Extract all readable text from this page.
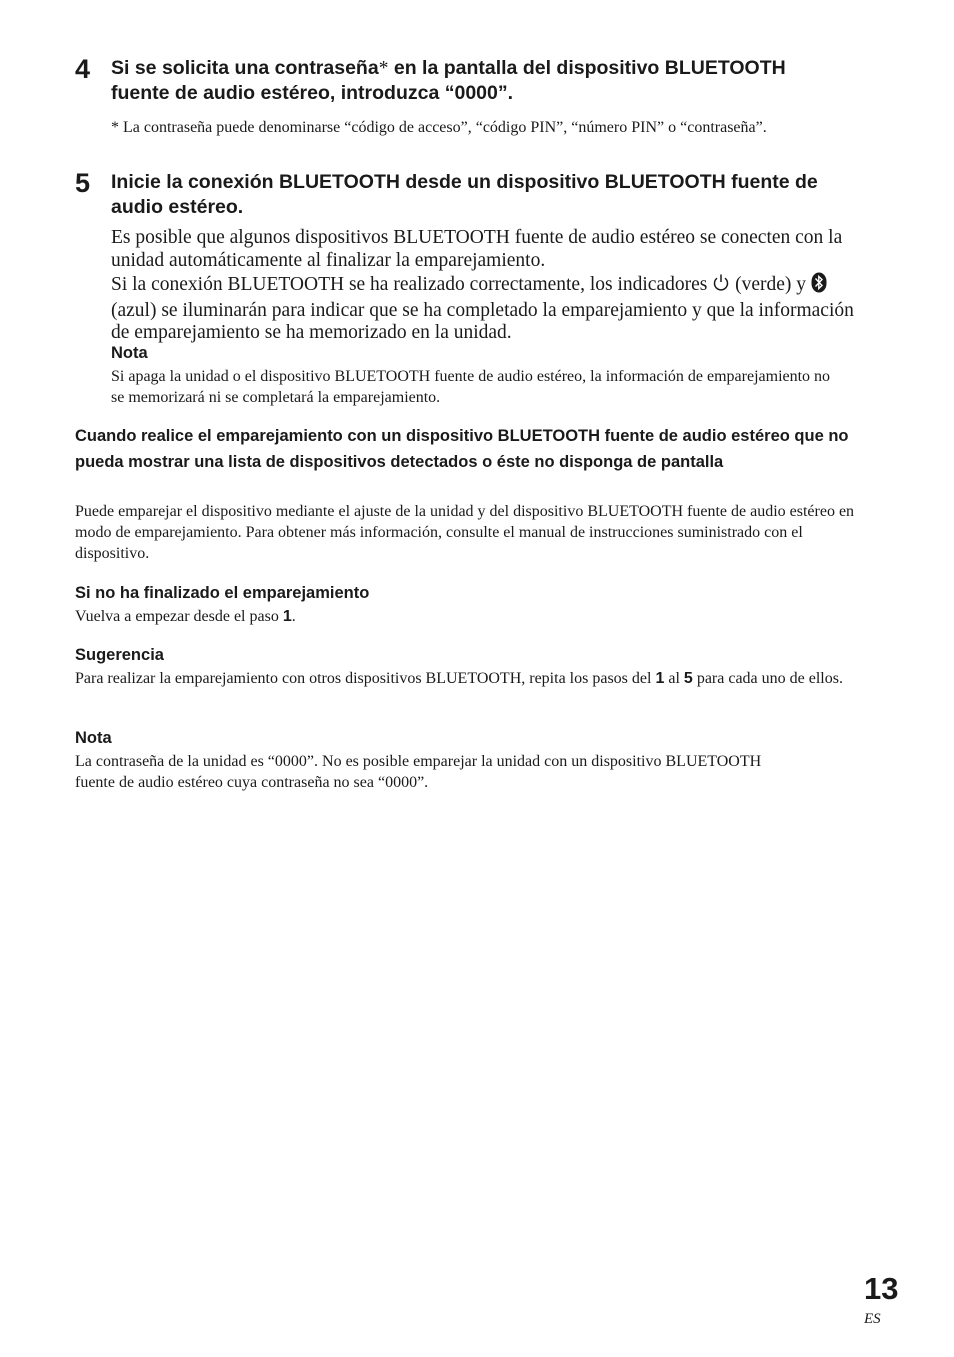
4 Si se solicita una contraseña* en la pantalla del dispositivo BLUETOOTH fuente de audio estéreo, introduzca “0000”.
* La contraseña puede denominarse “código de acceso”, “código PIN”, “número PIN” o “contraseña”.
5 Inicie la conexión BLUETOOTH desde un dispositivo BLUETOOTH fuente de audio estéreo.
Es posible que algunos dispositivos BLUETOOTH fuente de audio estéreo se conecten con la unidad automáticamente al finalizar la emparejamiento.
Si la conexión BLUETOOTH se ha realizado correctamente, los indicadores  (verde) y  (azul) se iluminarán para indicar que se ha completado la emparejamiento y que la información de emparejamiento se ha memorizado en la unidad.
Nota
Si apaga la unidad o el dispositivo BLUETOOTH fuente de audio estéreo, la información de emparejamiento no se memorizará ni se completará la emparejamiento.
Cuando realice el emparejamiento con un dispositivo BLUETOOTH fuente de audio estéreo que no pueda mostrar una lista de dispositivos detectados o éste no disponga de pantalla
Puede emparejar el dispositivo mediante el ajuste de la unidad y del dispositivo BLUETOOTH fuente de audio estéreo en modo de emparejamiento. Para obtener más información, consulte el manual de instrucciones suministrado con el dispositivo.
Si no ha finalizado el emparejamiento
Vuelva a empezar desde el paso 1.
Sugerencia
Para realizar la emparejamiento con otros dispositivos BLUETOOTH, repita los pasos del 1 al 5 para cada uno de ellos.
Nota
La contraseña de la unidad es “0000”. No es posible emparejar la unidad con un dispositivo BLUETOOTH fuente de audio estéreo cuya contraseña no sea “0000”.
13
ES
